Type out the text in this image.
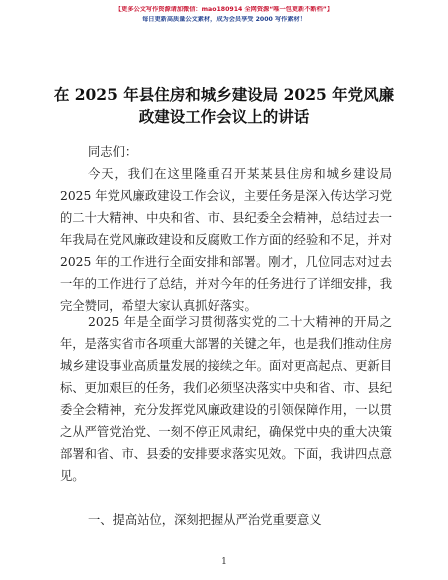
【更多公文写作资源请加微信：mao180914 全网资源“唯一包更新不断档”】
每日更新高质量公文素材，成为会员享受 2000 写作素材！
在 2025 年县住房和城乡建设局 2025 年党风廉
政建设工作会议上的讲话
同志们：
今天，我们在这里隆重召开某某县住房和城乡建设局
2025 年党风廉政建设工作会议，主要任务是深入传达学习党
的二十大精神、中央和省、市、县纪委全会精神，总结过去一
年我局在党风廉政建设和反腐败工作方面的经验和不足，并对
2025 年的工作进行全面安排和部署。刚才，几位同志对过去
一年的工作进行了总结，并对今年的任务进行了详细安排，我
完全赞同，希望大家认真抓好落实。
2025 年是全面学习贯彻落实党的二十大精神的开局之
年，是落实省市各项重大部署的关键之年，也是我们推动住房
城乡建设事业高质量发展的接续之年。面对更高起点、更新目
标、更加艰巨的任务，我们必须坚决落实中央和省、市、县纪
委全会精神，充分发挥党风廉政建设的引领保障作用，一以贯
之从严管党治党、一刻不停正风肃纪，确保党中央的重大决策
部署和省、市、县委的安排要求落实见效。下面，我讲四点意
见。
一、提高站位，深刻把握从严治党重要意义
1
